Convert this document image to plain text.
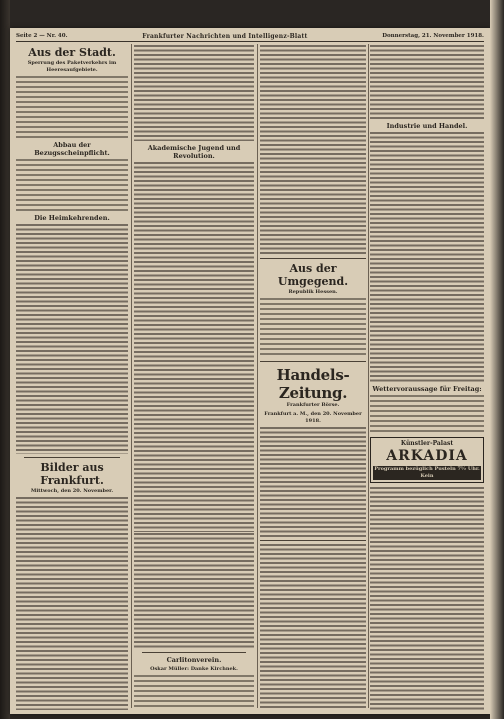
Seite 2 — Nr. 40.	Frankfurter Nachrichten und Intelligenz-Blatt	Donnerstag, 21. November 1918.
Aus der Stadt.
Sperrung des Paketverkehrs im Heeresaufgebiete.
Abbau der Bezugsscheinpflicht.
Die Heimkehrenden.
Bilder aus Frankfurt.
Mittwoch, den 20. November.
Akademische Jugend und Revolution.
Carlitonverein.
Oskar Müller: Danke Kirchnek.
Aus der Umgegend.
Republik Hessen.
Handels-Zeitung.
Frankfurter Börse.
Frankfurt a. M., den 20. November 1918.
Industrie und Handel.
Wettervoraussage für Freitag:
Künstler-Palast
ARKADIA
Programm bezüglich Pusteln 7½ Uhr. Kein
